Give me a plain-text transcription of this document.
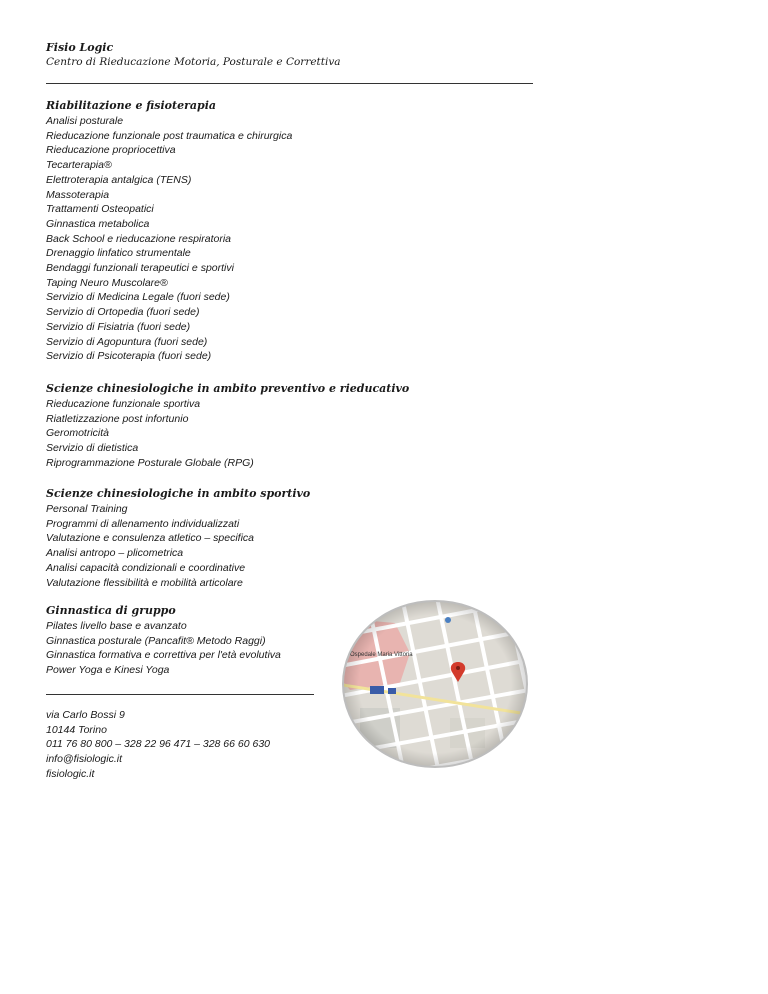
Fisio Logic
Centro di Rieducazione Motoria, Posturale e Correttiva
Riabilitazione e fisioterapia
Analisi posturale
Rieducazione funzionale post traumatica e chirurgica
Rieducazione propriocettiva
Tecarterapia®
Elettroterapia antalgica (TENS)
Massoterapia
Trattamenti Osteopatici
Ginnastica metabolica
Back School e rieducazione respiratoria
Drenaggio linfatico strumentale
Bendaggi funzionali terapeutici e sportivi
Taping Neuro Muscolare®
Servizio di Medicina Legale (fuori sede)
Servizio di Ortopedia (fuori sede)
Servizio di Fisiatria (fuori sede)
Servizio di Agopuntura (fuori sede)
Servizio di Psicoterapia (fuori sede)
Scienze chinesiologiche in ambito preventivo e rieducativo
Rieducazione funzionale sportiva
Riatletizzazione post infortunio
Geromotricità
Servizio di dietistica
Riprogrammazione Posturale Globale (RPG)
Scienze chinesiologiche in ambito sportivo
Personal Training
Programmi di allenamento individualizzati
Valutazione e consulenza atletico – specifica
Analisi antropo – plicometrica
Analisi capacità condizionali e coordinative
Valutazione flessibilità e mobilità articolare
Ginnastica di gruppo
Pilates livello base e avanzato
Ginnastica posturale (Pancafit® Metodo Raggi)
Ginnastica formativa e correttiva per l'età evolutiva
Power Yoga e Kinesi Yoga
via Carlo Bossi 9
10144 Torino
011 76 80 800 – 328 22 96 471 – 328 66 60 630
info@fisiologic.it
fisiologic.it
